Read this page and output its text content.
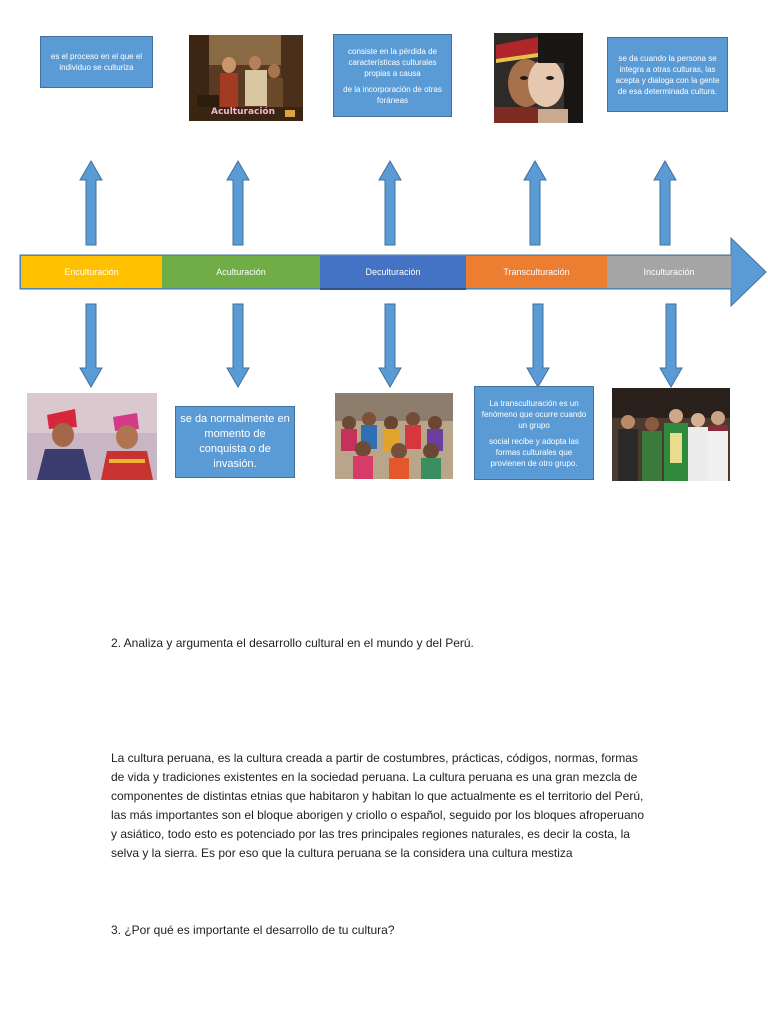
es el proceso en el que el individuo se culturiza

Aculturación

consiste en la pérdida de características culturales propias a causa

de la incorporación de otras foráneas

se da cuando la persona se integra a otras culturas, las acepta y dialoga con la gente de esa determinada cultura.

Enculturación	Aculturación	Deculturación	Transculturación	Inculturación

se da normalmente en momento de conquista o de invasión.

La transculturación es un fenómeno que ocurre cuando un grupo

social recibe y adopta las formas culturales que provienen de otro grupo.

2. Analiza y argumenta el desarrollo cultural en el mundo y del Perú.
La cultura peruana, es la cultura creada a partir de costumbres, prácticas, códigos, normas, formas de vida y tradiciones existentes en la sociedad peruana. La cultura peruana es una gran mezcla de componentes de distintas etnias que habitaron y habitan lo que actualmente es el territorio del Perú, las más importantes son el bloque aborigen y criollo o español, seguido por los bloques afroperuano y asiático, todo esto es potenciado por las tres principales regiones naturales, es decir la costa, la selva y la sierra. Es por eso que la cultura peruana se la considera una cultura mestiza
3. ¿Por qué es importante el desarrollo de tu cultura?
